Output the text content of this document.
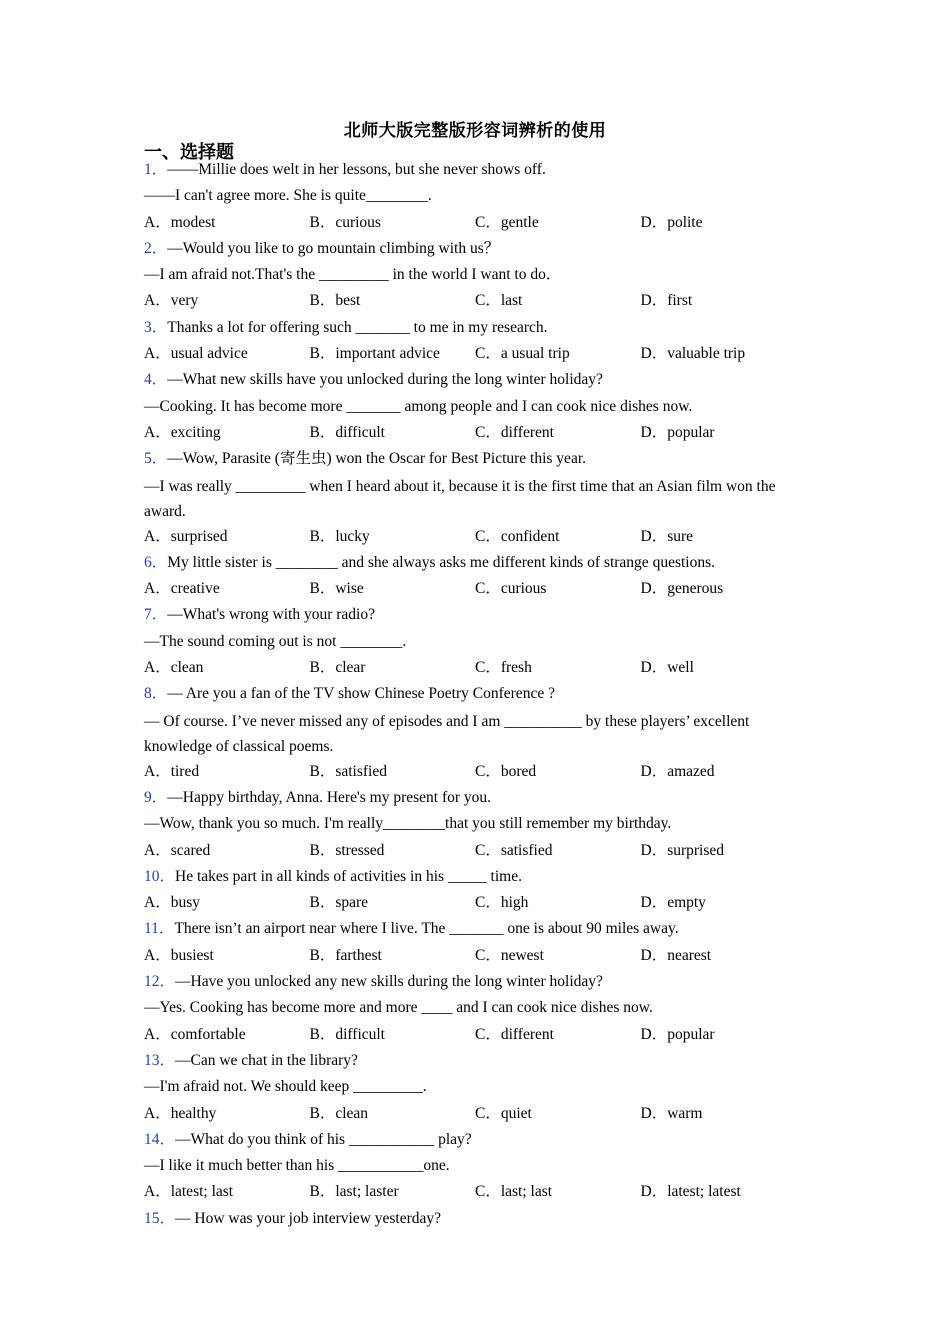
北师大版完整版形容词辨析的使用
一、选择题
1．——Millie does welt in her lessons, but she never shows off.
——I can't agree more. She is quite________.
A．modest	B．curious	C．gentle	D．polite
2．—Would you like to go mountain climbing with us？
—I am afraid not.That's the _________ in the world I want to do．
A．very	B．best	C．last	D．first
3．Thanks a lot for offering such _______ to me in my research.
A．usual advice	B．important advice	C．a usual trip	D．valuable trip
4．—What new skills have you unlocked during the long winter holiday?
—Cooking. It has become more _______ among people and I can cook nice dishes now.
A．exciting	B．difficult	C．different	D．popular
5．—Wow, Parasite (寄生虫) won the Oscar for Best Picture this year.
—I was really _________ when I heard about it, because it is the first time that an Asian film won the award.
A．surprised	B．lucky	C．confident	D．sure
6．My little sister is ________ and she always asks me different kinds of strange questions.
A．creative	B．wise	C．curious	D．generous
7．—What's wrong with your radio?
—The sound coming out is not ________.
A．clean	B．clear	C．fresh	D．well
8．— Are you a fan of the TV show Chinese Poetry Conference ?
— Of course. I’ve never missed any of episodes and I am __________ by these players’ excellent knowledge of classical poems.
A．tired	B．satisfied	C．bored	D．amazed
9．—Happy birthday, Anna. Here's my present for you.
—Wow, thank you so much. I'm really________that you still remember my birthday.
A．scared	B．stressed	C．satisfied	D．surprised
10．He takes part in all kinds of activities in his _____ time.
A．busy	B．spare	C．high	D．empty
11．There isn’t an airport near where I live. The _______ one is about 90 miles away.
A．busiest	B．farthest	C．newest	D．nearest
12．—Have you unlocked any new skills during the long winter holiday?
—Yes. Cooking has become more and more ____ and I can cook nice dishes now.
A．comfortable	B．difficult	C．different	D．popular
13．—Can we chat in the library?
—I'm afraid not. We should keep _________.
A．healthy	B．clean	C．quiet	D．warm
14．—What do you think of his ___________ play?
—I like it much better than his ___________one.
A．latest; last	B．last; laster	C．last; last	D．latest; latest
15．— How was your job interview yesterday?
